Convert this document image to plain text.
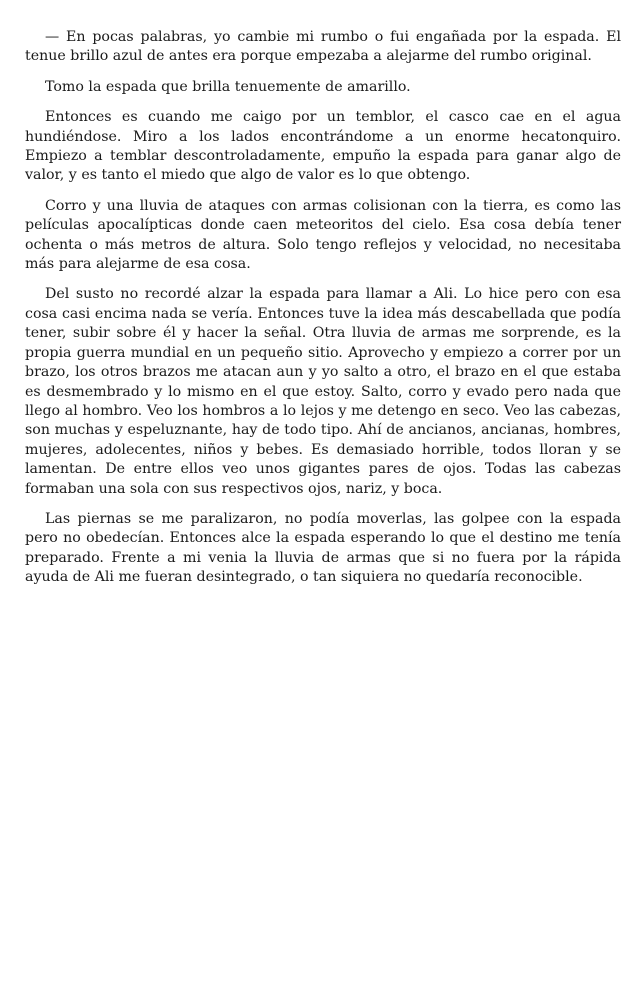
— En pocas palabras, yo cambie mi rumbo o fui engañada por la espada. El tenue brillo azul de antes era porque empezaba a alejarme del rumbo original.

Tomo la espada que brilla tenuemente de amarillo.

Entonces es cuando me caigo por un temblor, el casco cae en el agua hundiéndose. Miro a los lados encontrándome a un enorme hecatonquiro. Empiezo a temblar descontroladamente, empuño la espada para ganar algo de valor, y es tanto el miedo que algo de valor es lo que obtengo.

Corro y una lluvia de ataques con armas colisionan con la tierra, es como las películas apocalípticas donde caen meteoritos del cielo. Esa cosa debía tener ochenta o más metros de altura. Solo tengo reflejos y velocidad, no necesitaba más para alejarme de esa cosa.

Del susto no recordé alzar la espada para llamar a Ali. Lo hice pero con esa cosa casi encima nada se vería. Entonces tuve la idea más descabellada que podía tener, subir sobre él y hacer la señal. Otra lluvia de armas me sorprende, es la propia guerra mundial en un pequeño sitio. Aprovecho y empiezo a correr por un brazo, los otros brazos me atacan aun y yo salto a otro, el brazo en el que estaba es desmembrado y lo mismo en el que estoy. Salto, corro y evado pero nada que llego al hombro. Veo los hombros a lo lejos y me detengo en seco. Veo las cabezas, son muchas y espeluznante, hay de todo tipo. Ahí de ancianos, ancianas, hombres, mujeres, adolecentes, niños y bebes. Es demasiado horrible, todos lloran y se lamentan. De entre ellos veo unos gigantes pares de ojos. Todas las cabezas formaban una sola con sus respectivos ojos, nariz, y boca.

Las piernas se me paralizaron, no podía moverlas, las golpee con la espada pero no obedecían. Entonces alce la espada esperando lo que el destino me tenía preparado. Frente a mi venia la lluvia de armas que si no fuera por la rápida ayuda de Ali me fueran desintegrado, o tan siquiera no quedaría reconocible.
